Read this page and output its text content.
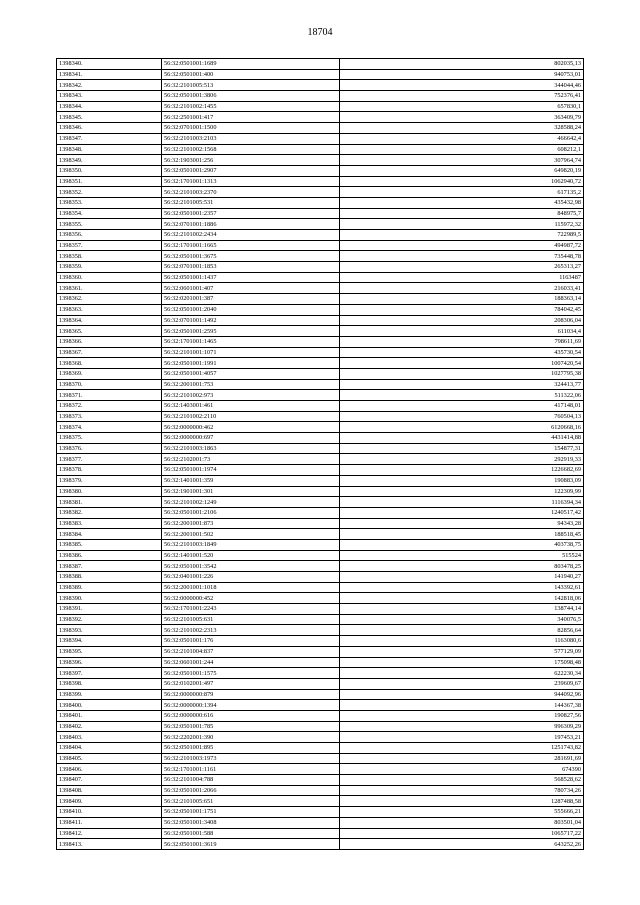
18704
1398340.	56:32:0501001:1689	802035,13
1398341.	56:32:0501001:400	940753,01
1398342.	56:32:2101005:513	344044,46
1398343.	56:32:0501001:3806	752376,41
1398344.	56:32:2101002:1455	657830,1
1398345.	56:32:2501001:417	363409,79
1398346.	56:32:0701001:1500	328588,24
1398347.	56:32:2101003:2103	466642,4
1398348.	56:32:2101002:1568	608212,1
1398349.	56:32:1903001:256	307964,74
1398350.	56:32:0501001:2907	649820,19
1398351.	56:32:1701001:1313	1062940,72
1398352.	56:32:2101003:2370	617135,2
1398353.	56:32:2101005:531	435432,98
1398354.	56:32:0501001:2357	848975,7
1398355.	56:32:0701001:1886	115972,32
1398356.	56:32:2101002:2434	722989,5
1398357.	56:32:1701001:1665	494987,72
1398358.	56:32:0501001:3675	735448,78
1398359.	56:32:0701001:1853	265313,27
1398360.	56:32:0501001:1437	1163487
1398361.	56:32:0601001:407	216033,41
1398362.	56:32:0201001:387	188363,14
1398363.	56:32:0501001:2040	784042,45
1398364.	56:32:0701001:1492	208306,04
1398365.	56:32:0501001:2595	611034,4
1398366.	56:32:1701001:1465	798611,69
1398367.	56:32:2101001:1071	435730,54
1398368.	56:32:0501001:1991	1007420,54
1398369.	56:32:0501001:4057	1027795,38
1398370.	56:32:2001001:753	324413,77
1398371.	56:32:2101002:973	511322,06
1398372.	56:32:1403001:461	417148,01
1398373.	56:32:2101002:2110	760504,13
1398374.	56:32:0000000:462	6120668,16
1398375.	56:32:0000000:697	4431414,88
1398376.	56:32:2101003:1863	154877,31
1398377.	56:32:2102001:73	292919,33
1398378.	56:32:0501001:1974	1226682,69
1398379.	56:32:1401001:359	190883,09
1398380.	56:32:1901001:301	122309,99
1398381.	56:32:2101002:1249	1116394,34
1398382.	56:32:0501001:2106	1240517,42
1398383.	56:32:2001001:873	94343,28
1398384.	56:32:2001001:502	188518,45
1398385.	56:32:2101003:1849	403738,75
1398386.	56:32:1401001:520	515524
1398387.	56:32:0501001:3542	803478,25
1398388.	56:32:0401001:226	141940,27
1398389.	56:32:2001001:1018	143392,61
1398390.	56:32:0000000:452	142818,06
1398391.	56:32:1701001:2243	138744,14
1398392.	56:32:2101005:631	340076,5
1398393.	56:32:2101002:2313	82856,64
1398394.	56:32:0501001:176	1163080,6
1398395.	56:32:2101004:837	577129,09
1398396.	56:32:0601001:244	175098,48
1398397.	56:32:0501001:1575	622230,34
1398398.	56:32:0102001:497	239609,67
1398399.	56:32:0000000:879	944092,96
1398400.	56:32:0000000:1394	144367,38
1398401.	56:32:0000000:616	190827,56
1398402.	56:32:0501001:785	996309,29
1398403.	56:32:2202001:390	197453,21
1398404.	56:32:0501001:895	1251743,82
1398405.	56:32:2101003:1973	281691,69
1398406.	56:32:1701001:1161	674390
1398407.	56:32:2101004:788	568528,62
1398408.	56:32:0501001:2066	780734,26
1398409.	56:32:2101005:651	1287488,58
1398410.	56:32:0501001:1751	555666,21
1398411.	56:32:0501001:3408	803501,04
1398412.	56:32:0501001:588	1065717,22
1398413.	56:32:0501001:3619	643252,26
